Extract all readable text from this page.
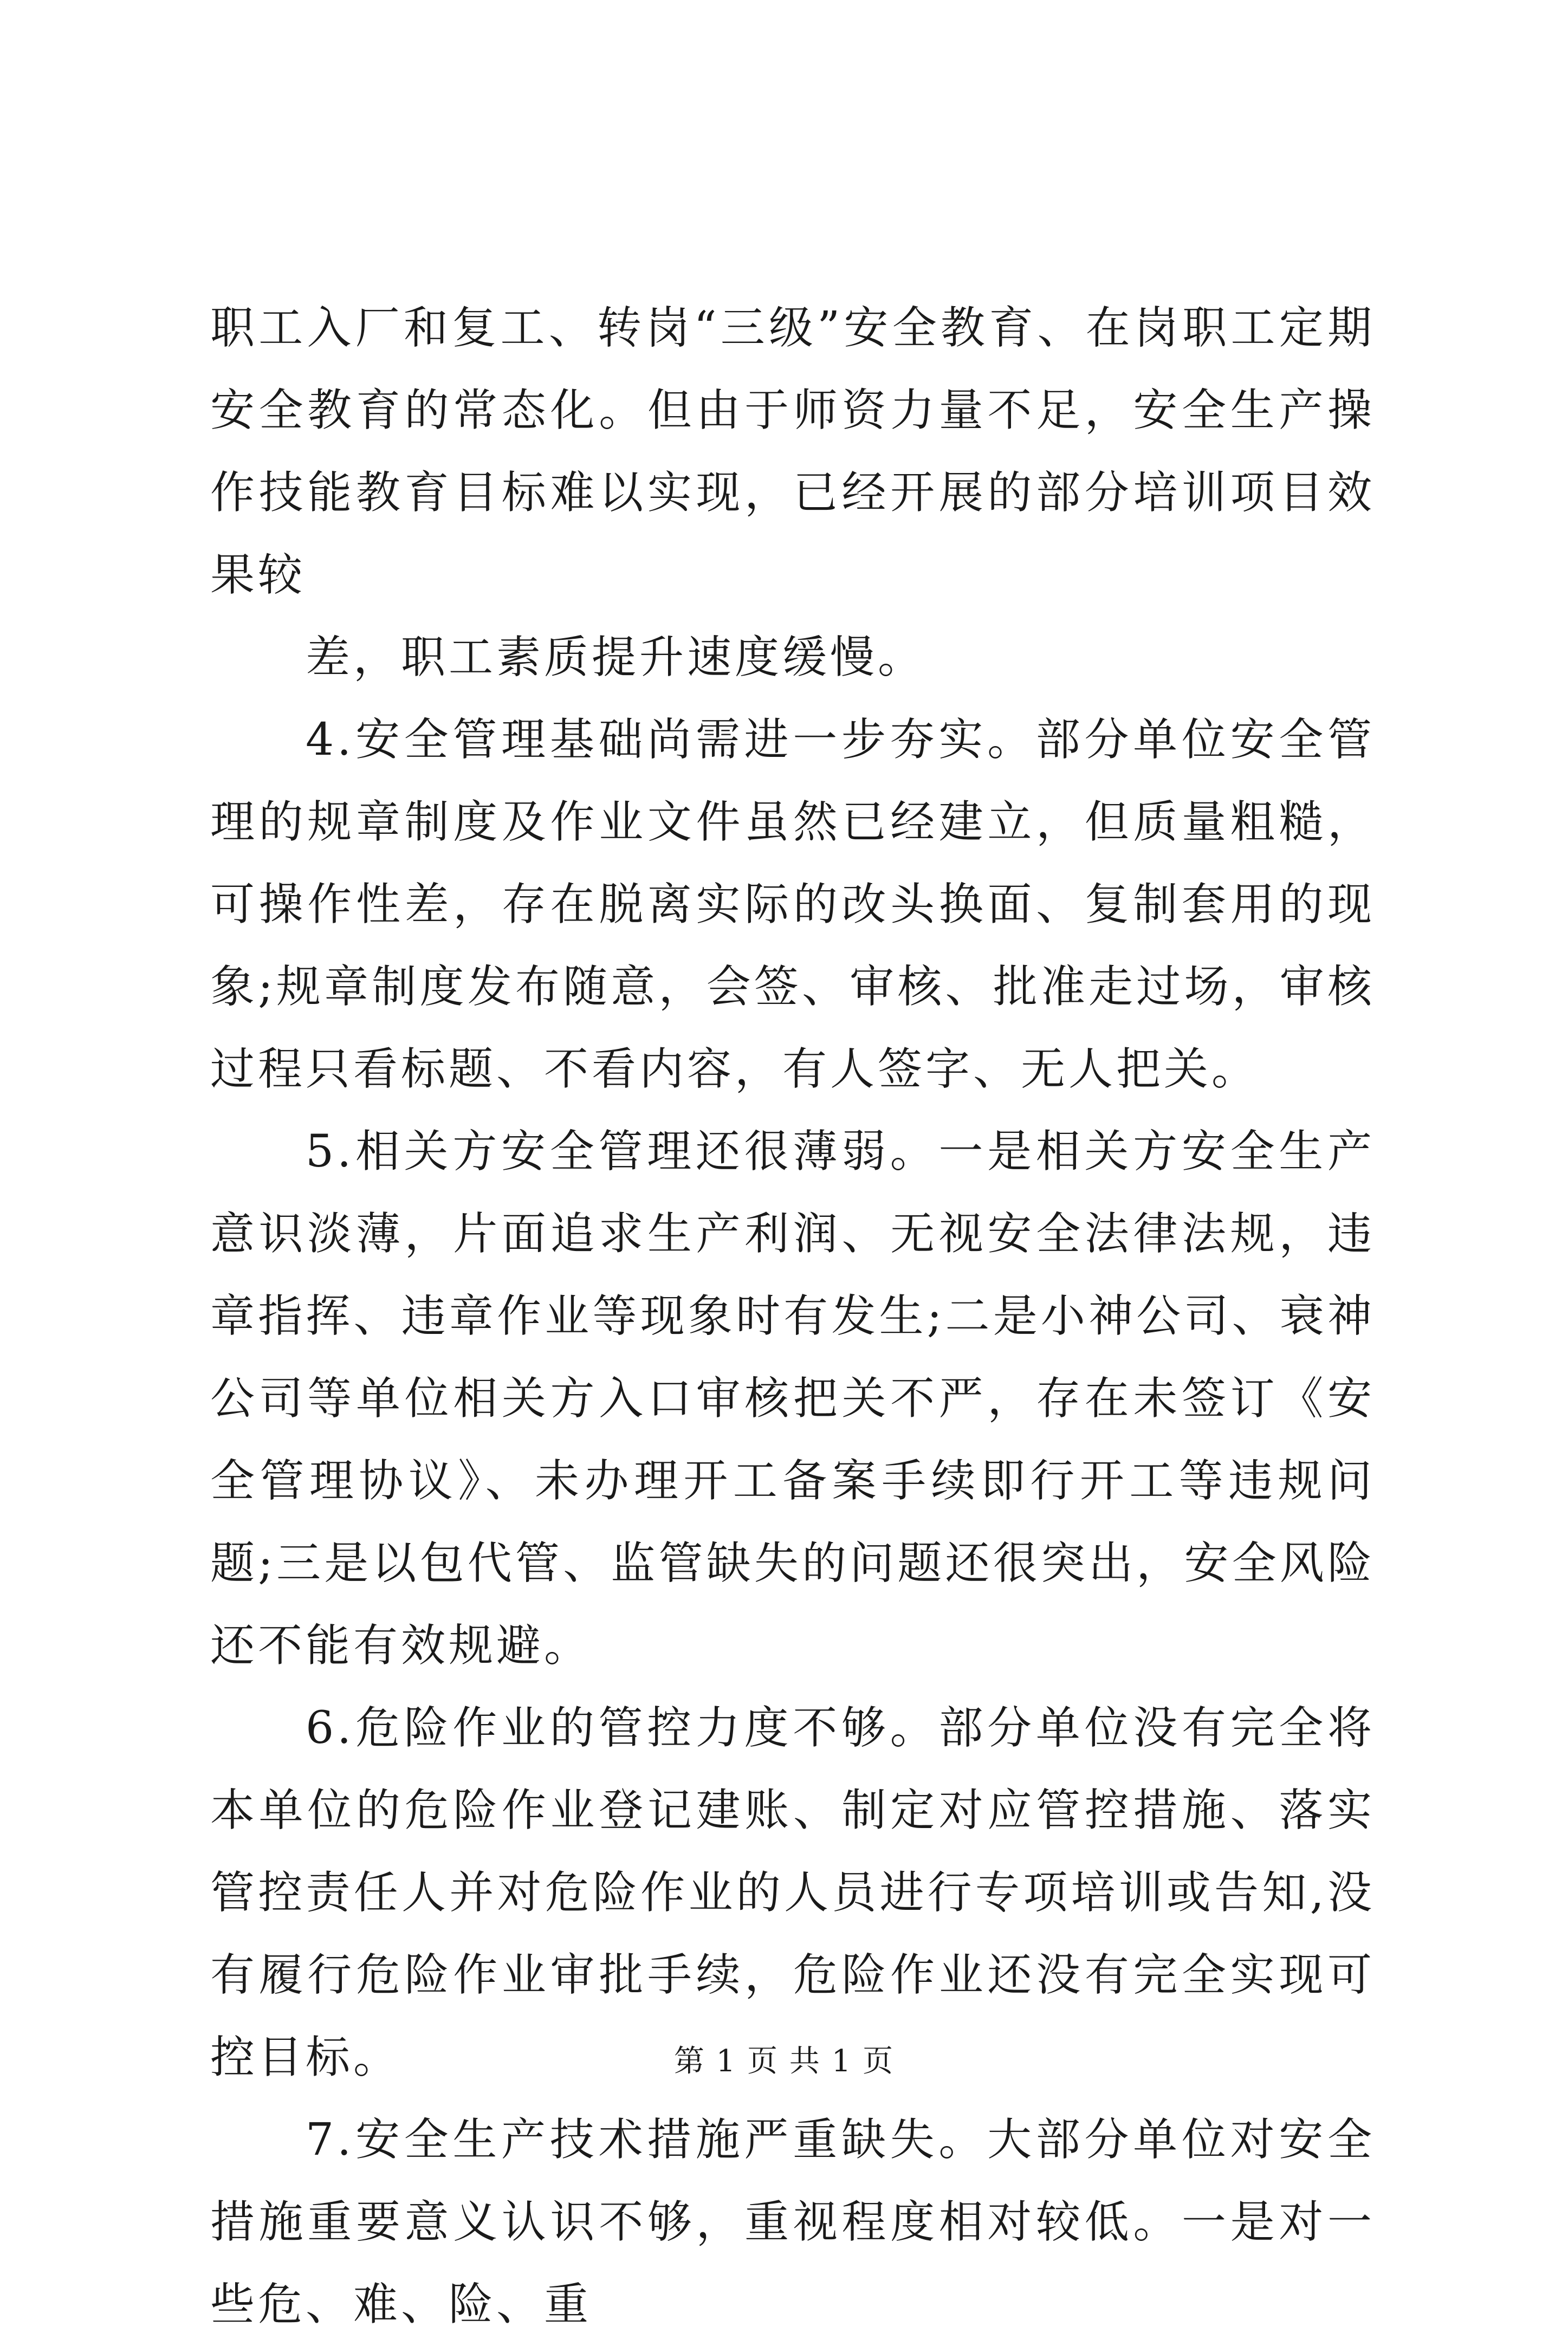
职工入厂和复工、转岗“三级”安全教育、在岗职工定期安全教育的常态化。但由于师资力量不足，安全生产操作技能教育目标难以实现，已经开展的部分培训项目效果较

差，职工素质提升速度缓慢。

4.安全管理基础尚需进一步夯实。部分单位安全管理的规章制度及作业文件虽然已经建立，但质量粗糙，可操作性差，存在脱离实际的改头换面、复制套用的现象;规章制度发布随意，会签、审核、批准走过场，审核过程只看标题、不看内容，有人签字、无人把关。

5.相关方安全管理还很薄弱。一是相关方安全生产意识淡薄，片面追求生产利润、无视安全法律法规，违章指挥、违章作业等现象时有发生;二是小神公司、衰神公司等单位相关方入口审核把关不严，存在未签订《安全管理协议》、未办理开工备案手续即行开工等违规问题;三是以包代管、监管缺失的问题还很突出，安全风险还不能有效规避。

6.危险作业的管控力度不够。部分单位没有完全将本单位的危险作业登记建账、制定对应管控措施、落实管控责任人并对危险作业的人员进行专项培训或告知,没有履行危险作业审批手续，危险作业还没有完全实现可控目标。

7.安全生产技术措施严重缺失。大部分单位对安全措施重要意义认识不够，重视程度相对较低。一是对一些危、难、险、重

第 1 页 共 1 页
